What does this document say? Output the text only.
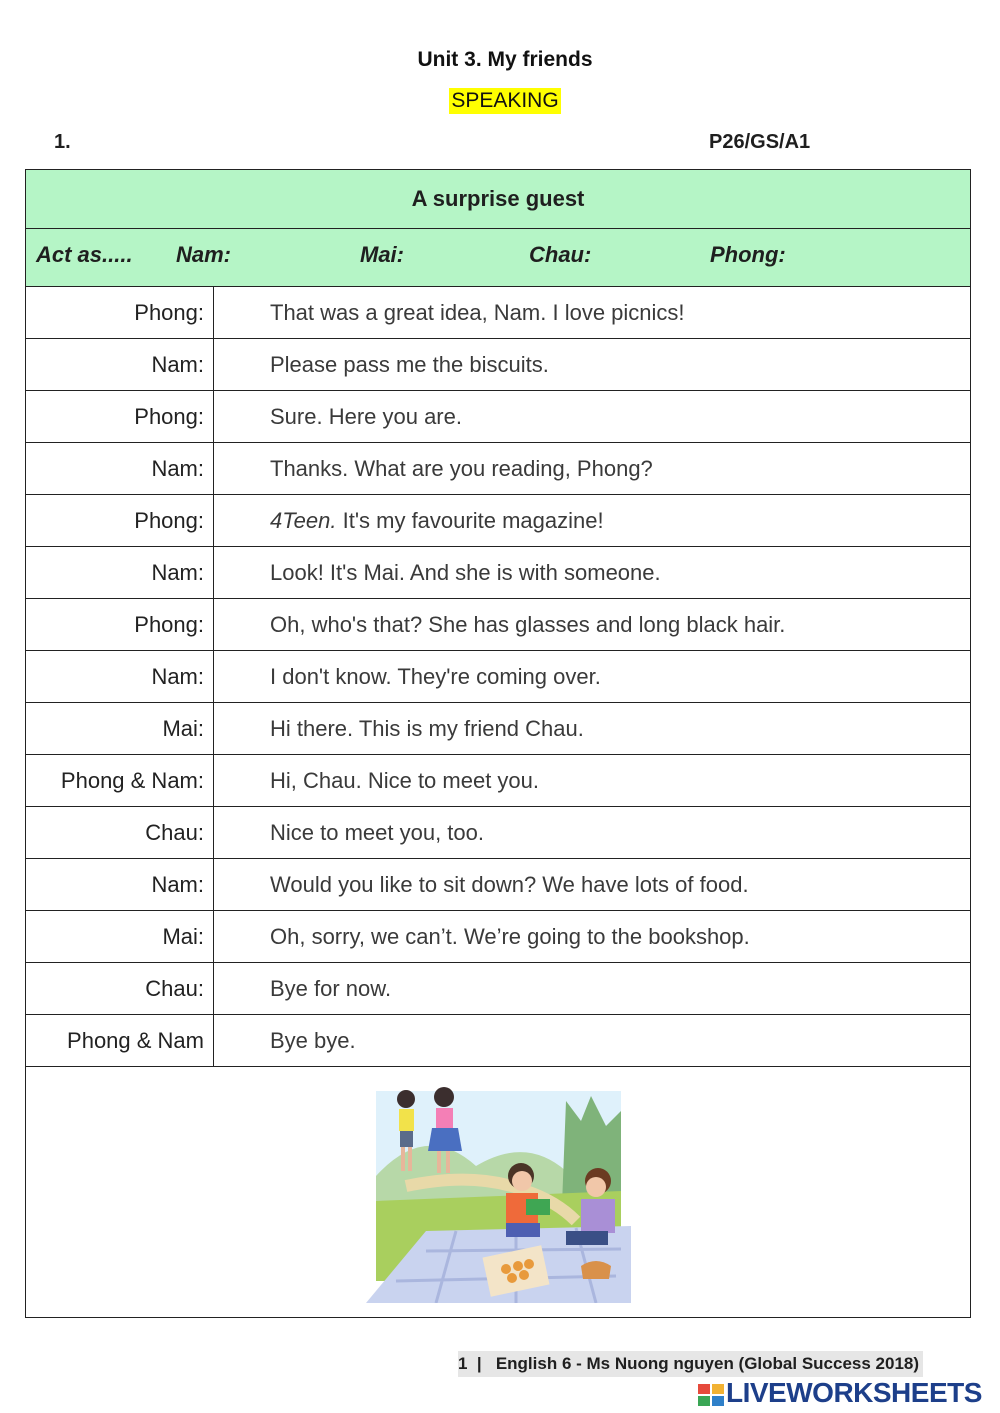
Unit 3. My friends
SPEAKING
1.	P26/GS/A1
A surprise guest	

Act as..... Nam: Mai: Chau: Phong:	

Phong:	That was a great idea, Nam. I love picnics!
Nam:	Please pass me the biscuits.
Phong:	Sure. Here you are.
Nam:	Thanks. What are you reading, Phong?
Phong:	4Teen. It's my favourite magazine!
Nam:	Look! It's Mai. And she is with someone.
Phong:	Oh, who's that? She has glasses and long black hair.
Nam:	I don't know. They're coming over.
Mai:	Hi there. This is my friend Chau.
Phong & Nam:	Hi, Chau. Nice to meet you.
Chau:	Nice to meet you, too.
Nam:	Would you like to sit down? We have lots of food.
Mai:	Oh, sorry, we can’t. We’re going to the bookshop.
Chau:	Bye for now.
Phong & Nam	Bye bye.

1  |   English 6 - Ms Nuong nguyen (Global Success 2018)
LIVEWORKSHEETS
